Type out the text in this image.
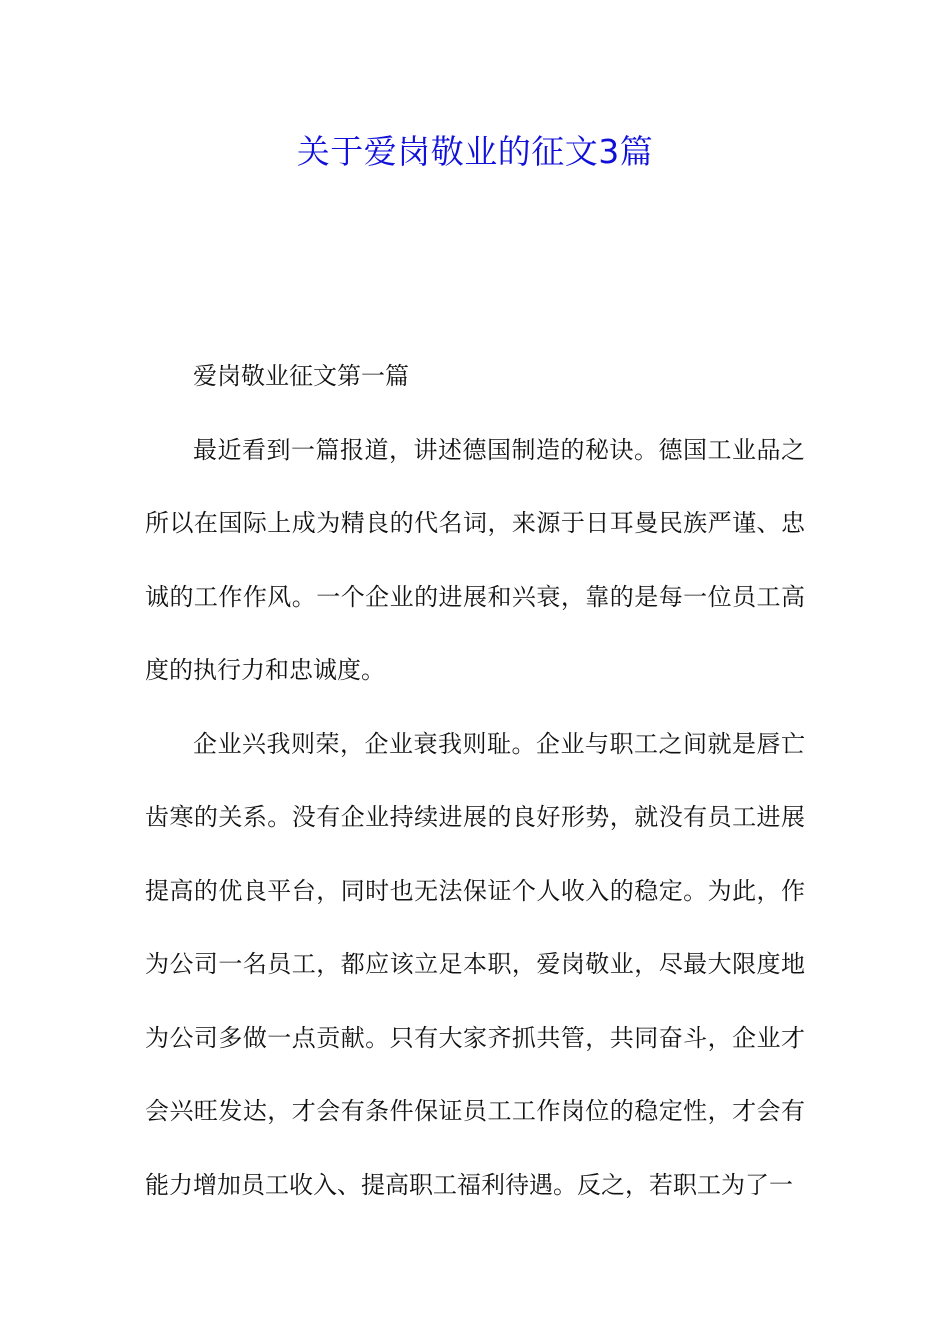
关于爱岗敬业的征文3篇

爱岗敬业征文第一篇

最近看到一篇报道，讲述德国制造的秘诀。德国工业品之所以在国际上成为精良的代名词，来源于日耳曼民族严谨、忠诚的工作作风。一个企业的进展和兴衰，靠的是每一位员工高度的执行力和忠诚度。

企业兴我则荣，企业衰我则耻。企业与职工之间就是唇亡齿寒的关系。没有企业持续进展的良好形势，就没有员工进展提高的优良平台，同时也无法保证个人收入的稳定。为此，作为公司一名员工，都应该立足本职，爱岗敬业，尽最大限度地为公司多做一点贡献。只有大家齐抓共管，共同奋斗，企业才会兴旺发达，才会有条件保证员工工作岗位的稳定性，才会有能力增加员工收入、提高职工福利待遇。反之，若职工为了一
